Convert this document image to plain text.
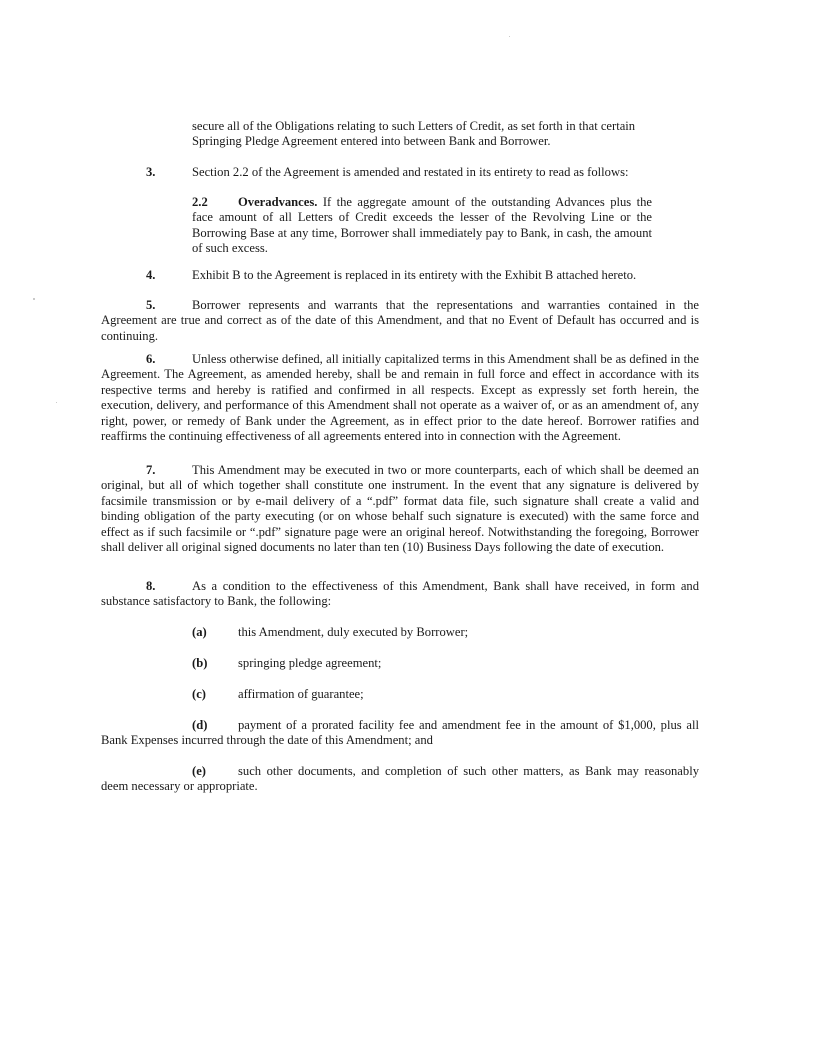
secure all of the Obligations relating to such Letters of Credit, as set forth in that certain
Springing Pledge Agreement entered into between Bank and Borrower.

3.	Section 2.2 of the Agreement is amended and restated in its entirety to read as follows:
2.2 Overadvances. If the aggregate amount of the outstanding Advances plus the
face amount of all Letters of Credit exceeds the lesser of the Revolving Line or the Borrowing Base at any time, Borrower shall immediately pay to Bank, in cash, the amount of such excess.
4.	Exhibit B to the Agreement is replaced in its entirety with the Exhibit B attached hereto.

5.	Borrower represents and warrants that the representations and warranties contained in the Agreement are true and correct as of the date of this Amendment, and that no Event of Default has occurred and is continuing.

6.	Unless otherwise defined, all initially capitalized terms in this Amendment shall be as defined in the Agreement. The Agreement, as amended hereby, shall be and remain in full force and effect in accordance with its respective terms and hereby is ratified and confirmed in all respects. Except as expressly set forth herein, the execution, delivery, and performance of this Amendment shall not operate as a waiver of, or as an amendment of, any right, power, or remedy of Bank under the Agreement, as in effect prior to the date hereof. Borrower ratifies and reaffirms the continuing effectiveness of all agreements entered into in connection with the Agreement.

7.	This Amendment may be executed in two or more counterparts, each of which shall be deemed an original, but all of which together shall constitute one instrument. In the event that any signature is delivered by facsimile transmission or by e-mail delivery of a “.pdf” format data file, such signature shall create a valid and binding obligation of the party executing (or on whose behalf such signature is executed) with the same force and effect as if such facsimile or “.pdf” signature page were an original hereof. Notwithstanding the foregoing, Borrower shall deliver all original signed documents no later than ten (10) Business Days following the date of execution.

8.	As a condition to the effectiveness of this Amendment, Bank shall have received, in form and substance satisfactory to Bank, the following:

(a) this Amendment, duly executed by Borrower;
(b) springing pledge agreement;
(c)	affirmation of guarantee;

(d) payment of a prorated facility fee and amendment fee in the amount of $1,000, plus all Bank Expenses incurred through the date of this Amendment; and

(e)	such other documents, and completion of such other matters, as Bank may reasonably deem necessary or appropriate.
